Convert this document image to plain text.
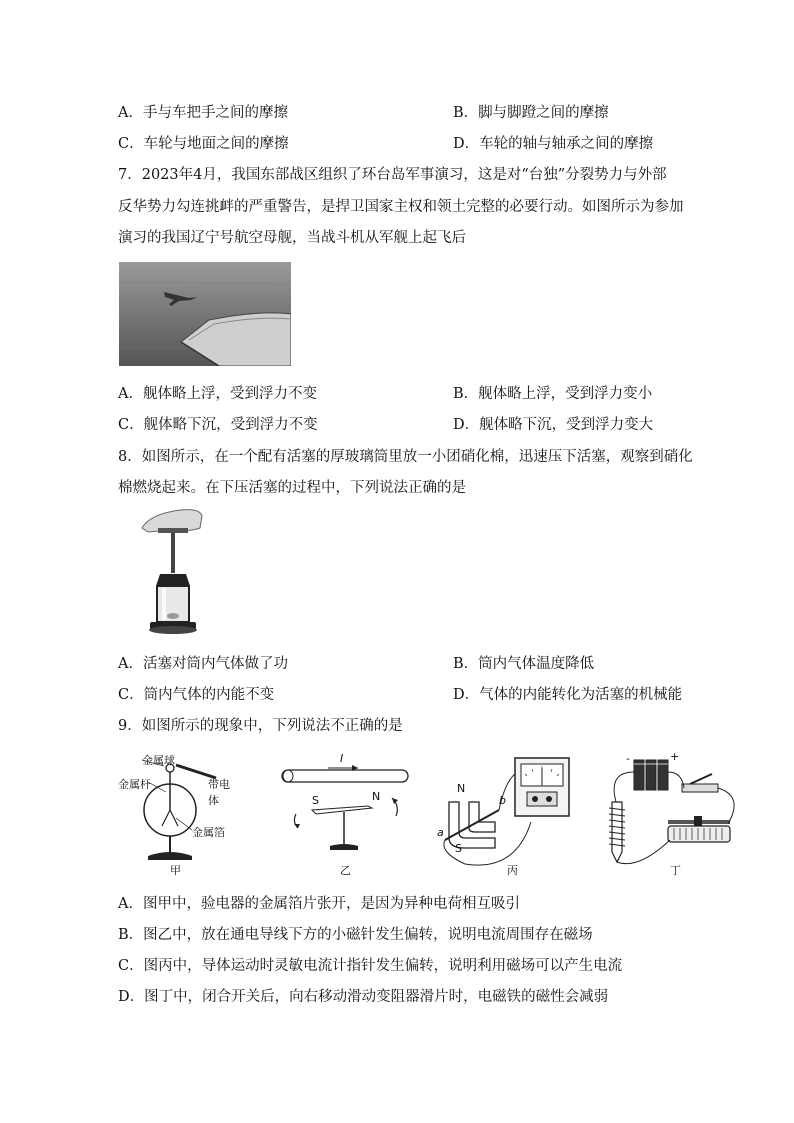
A．手与车把手之间的摩擦	B．脚与脚蹬之间的摩擦
C．车轮与地面之间的摩擦	D．车轮的轴与轴承之间的摩擦
7．2023年4月，我国东部战区组织了环台岛军事演习，这是对“台独”分裂势力与外部
反华势力勾连挑衅的严重警告，是捍卫国家主权和领土完整的必要行动。如图所示为参加
演习的我国辽宁号航空母舰，当战斗机从军舰上起飞后
A．舰体略上浮，受到浮力不变	B．舰体略上浮，受到浮力变小
C．舰体略下沉，受到浮力不变	D．舰体略下沉，受到浮力变大
8．如图所示，在一个配有活塞的厚玻璃筒里放一小团硝化棉，迅速压下活塞，观察到硝化
棉燃烧起来。在下压活塞的过程中，下列说法正确的是
A．活塞对筒内气体做了功	B．筒内气体温度降低
C．筒内气体的内能不变	D．气体的内能转化为活塞的机械能
9．如图所示的现象中，下列说法不正确的是
金属球
金属杆	带电体
金属箔
甲
I
S	N
乙
N
S
a
b
丙
-	+
丁
A．图甲中，验电器的金属箔片张开，是因为异种电荷相互吸引
B．图乙中，放在通电导线下方的小磁针发生偏转，说明电流周围存在磁场
C．图丙中，导体运动时灵敏电流计指针发生偏转，说明利用磁场可以产生电流
D．图丁中，闭合开关后，向右移动滑动变阻器滑片时，电磁铁的磁性会减弱
